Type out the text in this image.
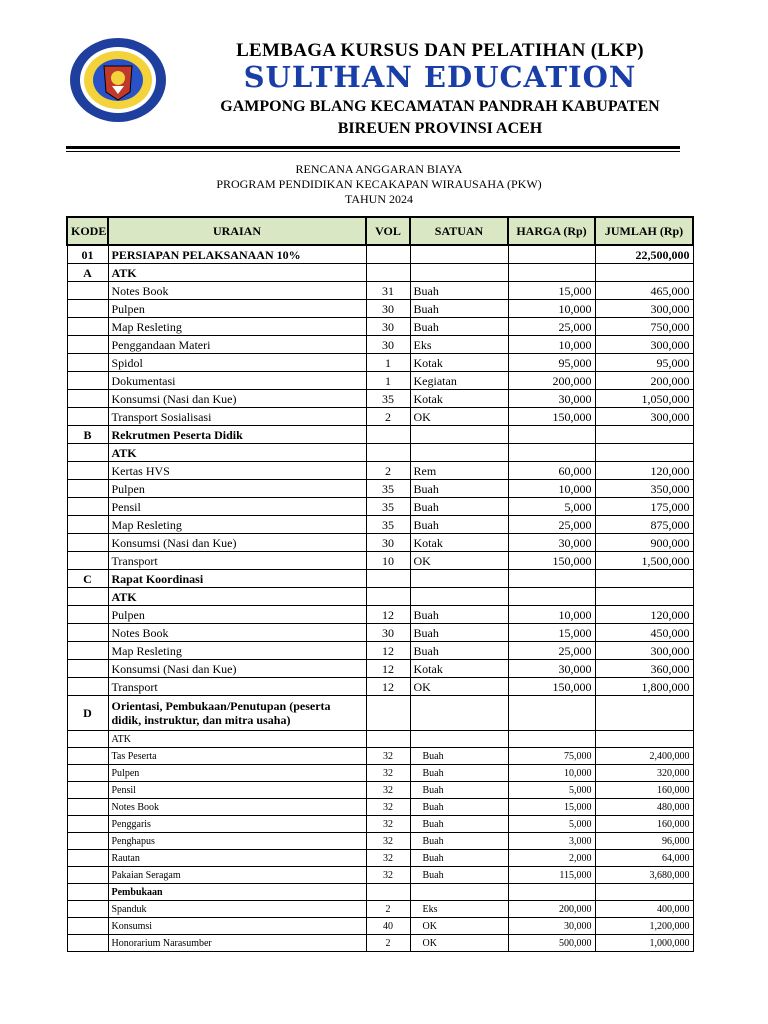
LEMBAGA KURSUS DAN PELATIHAN (LKP)
SULTHAN EDUCATION
GAMPONG BLANG KECAMATAN PANDRAH KABUPATEN
BIREUEN PROVINSI ACEH
RENCANA ANGGARAN BIAYA
PROGRAM PENDIDIKAN KECAKAPAN WIRAUSAHA (PKW)
TAHUN 2024
KODE	URAIAN	VOL	SATUAN	HARGA (Rp)	JUMLAH (Rp)
01	PERSIAPAN PELAKSANAAN 10%				22,500,000
A	ATK				
	Notes Book	31	Buah	15,000	465,000
	Pulpen	30	Buah	10,000	300,000
	Map Resleting	30	Buah	25,000	750,000
	Penggandaan Materi	30	Eks	10,000	300,000
	Spidol	1	Kotak	95,000	95,000
	Dokumentasi	1	Kegiatan	200,000	200,000
	Konsumsi (Nasi dan Kue)	35	Kotak	30,000	1,050,000
	Transport Sosialisasi	2	OK	150,000	300,000
B	Rekrutmen Peserta Didik				
	ATK				
	Kertas HVS	2	Rem	60,000	120,000
	Pulpen	35	Buah	10,000	350,000
	Pensil	35	Buah	5,000	175,000
	Map Resleting	35	Buah	25,000	875,000
	Konsumsi (Nasi dan Kue)	30	Kotak	30,000	900,000
	Transport	10	OK	150,000	1,500,000
C	Rapat Koordinasi				
	ATK				
	Pulpen	12	Buah	10,000	120,000
	Notes Book	30	Buah	15,000	450,000
	Map Resleting	12	Buah	25,000	300,000
	Konsumsi (Nasi dan Kue)	12	Kotak	30,000	360,000
	Transport	12	OK	150,000	1,800,000
D	Orientasi, Pembukaan/Penutupan (peserta didik, instruktur, dan mitra usaha)				
	ATK				
	Tas Peserta	32	Buah	75,000	2,400,000
	Pulpen	32	Buah	10,000	320,000
	Pensil	32	Buah	5,000	160,000
	Notes Book	32	Buah	15,000	480,000
	Penggaris	32	Buah	5,000	160,000
	Penghapus	32	Buah	3,000	96,000
	Rautan	32	Buah	2,000	64,000
	Pakaian Seragam	32	Buah	115,000	3,680,000
	Pembukaan				
	Spanduk	2	Eks	200,000	400,000
	Konsumsi	40	OK	30,000	1,200,000
	Honorarium Narasumber	2	OK	500,000	1,000,000
